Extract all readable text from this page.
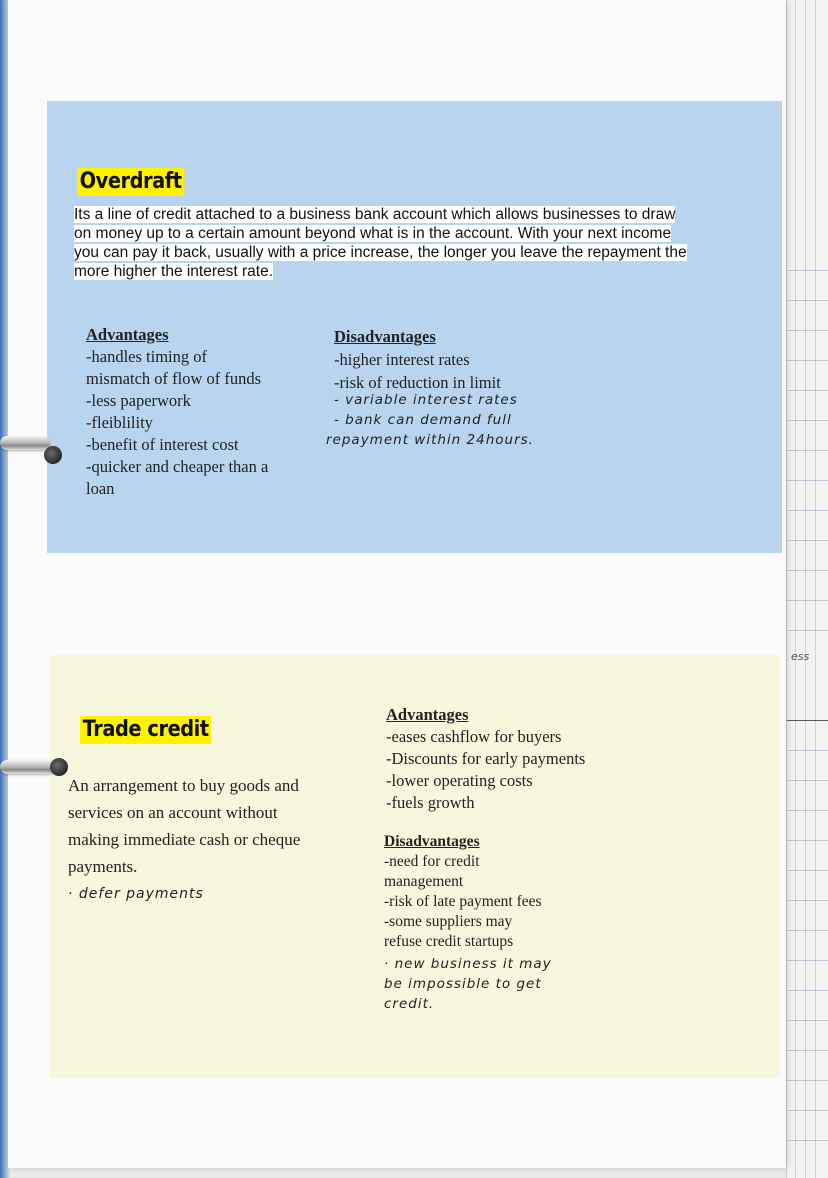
ess
Overdraft
Its a line of credit attached to a business bank account which allows businesses to draw
on money up to a certain amount beyond what is in the account. With your next income
you can pay it back, usually with a price increase, the longer you leave the repayment the
more higher the interest rate.
Advantages
-handles timing of
mismatch of flow of funds
-less paperwork
-fleiblility
-benefit of interest cost
-quicker and cheaper than a
loan
Disadvantages
-higher interest rates
-risk of reduction in limit
- variable interest rates
- bank can demand full
repayment within 24hours.
Trade credit
An arrangement to buy goods and
services on an account without
making immediate cash or cheque
payments.
· defer payments
Advantages
-eases cashflow for buyers
-Discounts for early payments
-lower operating costs
-fuels growth
Disadvantages
-need for credit
management
-risk of late payment fees
-some suppliers may
refuse credit startups
· new business it may
be impossible to get
credit.
